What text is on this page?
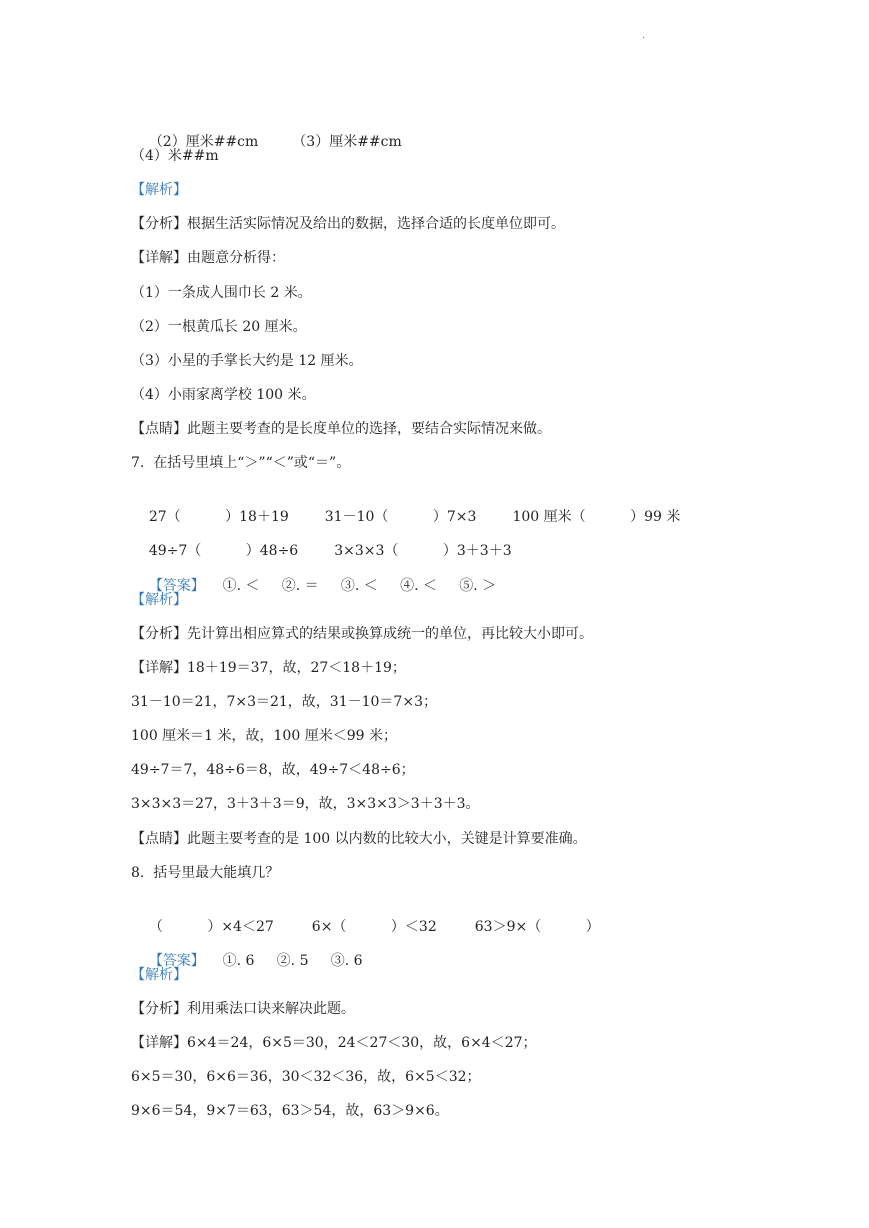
.

（2）厘米##cm （3）厘米##cm

（4）米##m
【解析】
【分析】根据生活实际情况及给出的数据，选择合适的长度单位即可。
【详解】由题意分析得：
（1）一条成人围巾长 2 米。
（2）一根黄瓜长 20 厘米。
（3）小星的手掌长大约是 12 厘米。
（4）小雨家离学校 100 米。
【点睛】此题主要考查的是长度单位的选择，要结合实际情况来做。
7.  在括号里填上“＞”“＜”或“＝”。

27（          ）18＋19	31－10（          ）7×3	100 厘米（          ）99 米

49÷7（          ）48÷6	3×3×3（          ）3＋3＋3

【答案】    ①. ＜     ②. ＝     ③. ＜     ④. ＜     ⑤. ＞

【解析】
【分析】先计算出相应算式的结果或换算成统一的单位，再比较大小即可。
【详解】18＋19＝37，故，27＜18＋19；
31－10＝21，7×3＝21，故，31－10＝7×3；
100 厘米＝1 米，故，100 厘米＜99 米；
49÷7＝7，48÷6＝8，故，49÷7＜48÷6；
3×3×3＝27，3＋3＋3＝9，故，3×3×3＞3＋3＋3。
【点睛】此题主要考查的是 100 以内数的比较大小，关键是计算要准确。
8.  括号里最大能填几？

（          ）×4＜27	6×（          ）＜32	63＞9×（          ）

【答案】    ①. 6     ②. 5     ③. 6

【解析】
【分析】利用乘法口诀来解决此题。
【详解】6×4＝24，6×5＝30，24＜27＜30，故，6×4＜27；
6×5＝30，6×6＝36，30＜32＜36，故，6×5＜32；
9×6＝54，9×7＝63，63＞54，故，63＞9×6。
